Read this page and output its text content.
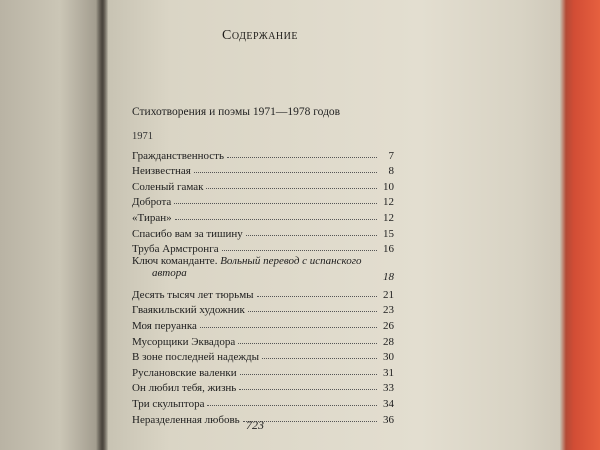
Содержание
Стихотворения и поэмы 1971—1978 годов
1971
Гражданственность	7
Неизвестная	8
Соленый гамак	10
Доброта	12
«Тиран»	12
Спасибо вам за тишину	15
Труба Армстронга	16
Ключ команданте. Вольный перевод с испанского
автора	18
Десять тысяч лет тюрьмы	21
Гваякильский художник	23
Моя перуанка	26
Мусорщики Эквадора	28
В зоне последней надежды	30
Руслановские валенки	31
Он любил тебя, жизнь	33
Три скульптора	34
Неразделенная любовь	36
723
